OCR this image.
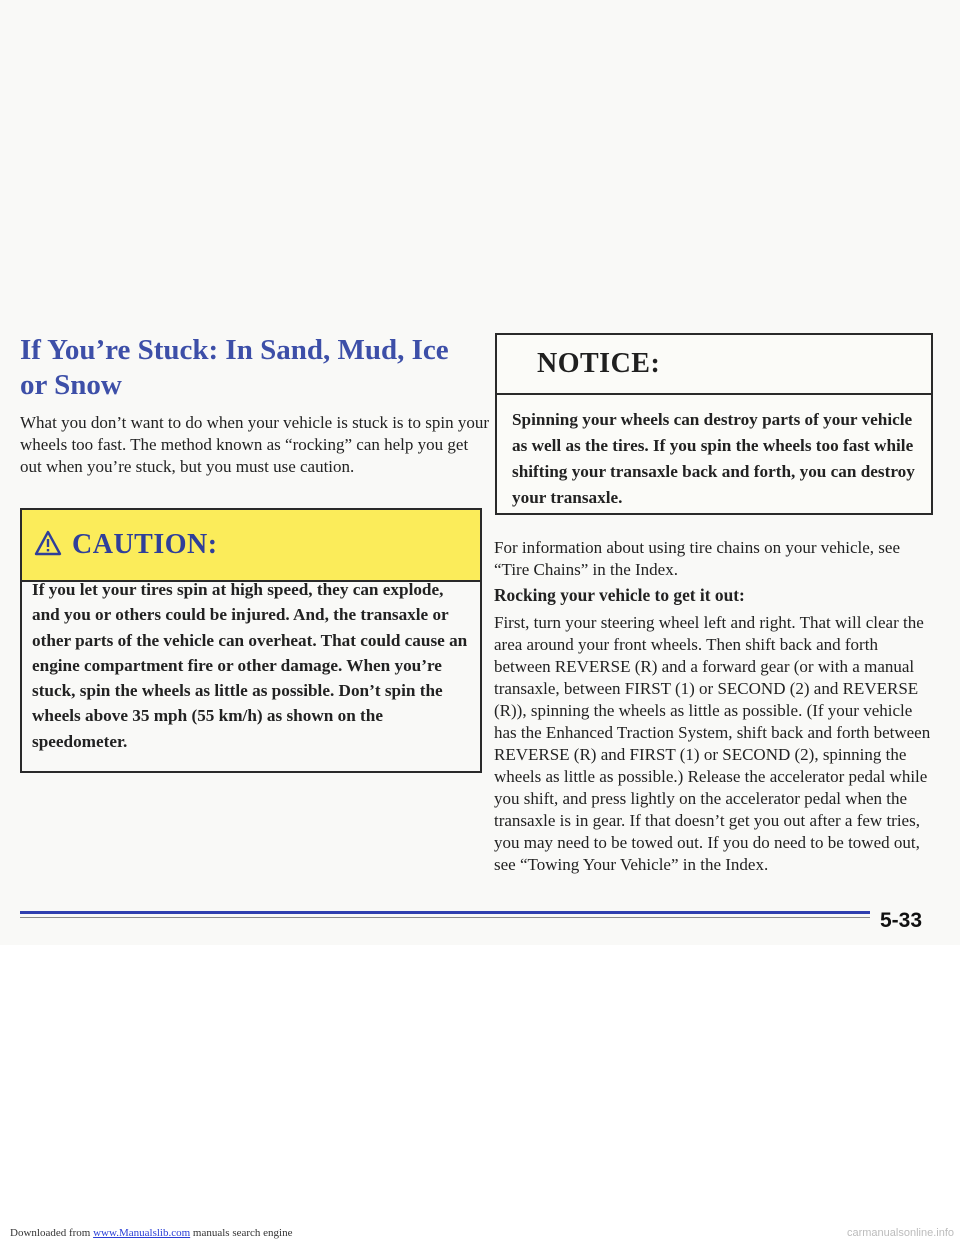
If You’re Stuck: In Sand, Mud, Ice or Snow

What you don’t want to do when your vehicle is stuck is to spin your wheels too fast. The method known as “rocking” can help you get out when you’re stuck, but you must use caution.

CAUTION:

If you let your tires spin at high speed, they can explode, and you or others could be injured. And, the transaxle or other parts of the vehicle can overheat. That could cause an engine compartment fire or other damage. When you’re stuck, spin the wheels as little as possible. Don’t spin the wheels above 35 mph (55 km/h) as shown on the speedometer.

NOTICE:

Spinning your wheels can destroy parts of your vehicle as well as the tires. If you spin the wheels too fast while shifting your transaxle back and forth, you can destroy your transaxle.

For information about using tire chains on your vehicle, see “Tire Chains” in the Index.

Rocking your vehicle to get it out:

First, turn your steering wheel left and right. That will clear the area around your front wheels. Then shift back and forth between REVERSE (R) and a forward gear (or with a manual transaxle, between FIRST (1) or SECOND (2) and REVERSE (R)), spinning the wheels as little as possible. (If your vehicle has the Enhanced Traction System, shift back and forth between REVERSE (R) and FIRST (1) or SECOND (2), spinning the wheels as little as possible.) Release the accelerator pedal while you shift, and press lightly on the accelerator pedal when the transaxle is in gear. If that doesn’t get you out after a few tries, you may need to be towed out. If you do need to be towed out, see “Towing Your Vehicle” in the Index.

5-33
Downloaded from www.Manualslib.com manuals search engine	carmanualsonline.info
